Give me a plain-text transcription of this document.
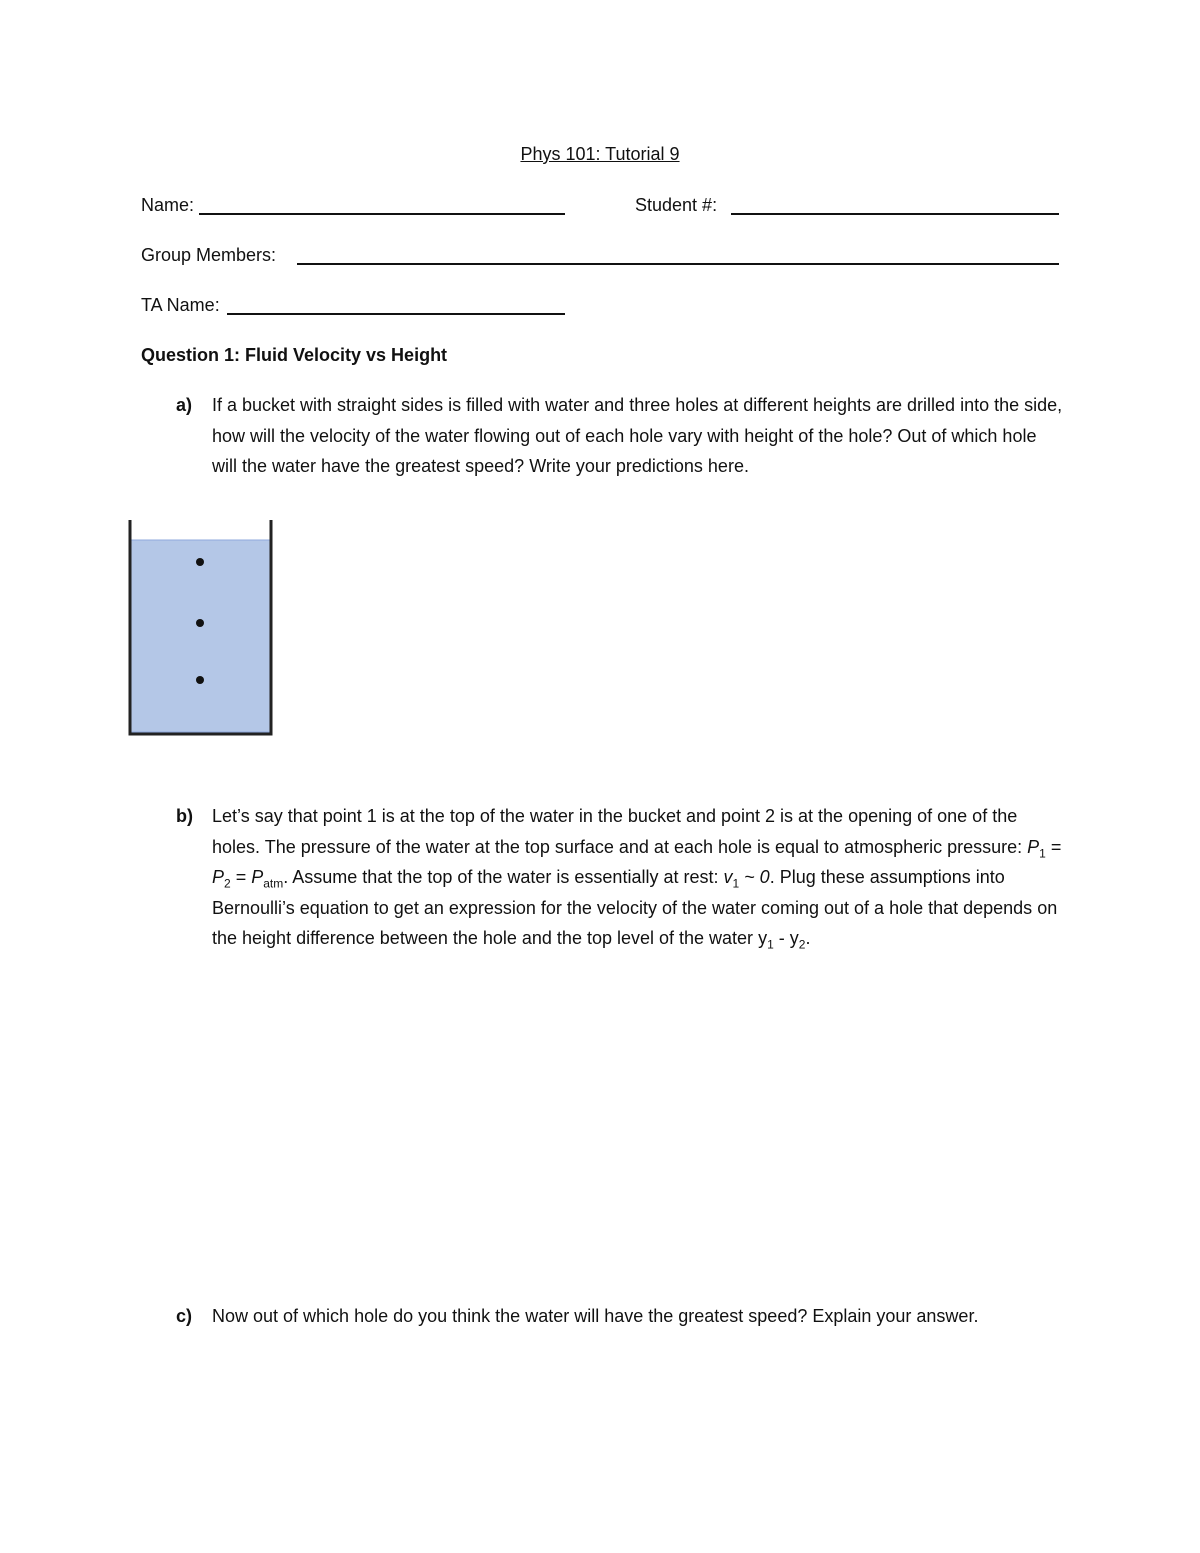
Phys 101: Tutorial 9
Name:	Student #:
Group Members:
TA Name:
Question 1: Fluid Velocity vs Height
a) If a bucket with straight sides is filled with water and three holes at different heights are drilled into the side, how will the velocity of the water flowing out of each hole vary with height of the hole? Out of which hole will the water have the greatest speed? Write your predictions here.
b) Let’s say that point 1 is at the top of the water in the bucket and point 2 is at the opening of one of the holes. The pressure of the water at the top surface and at each hole is equal to atmospheric pressure: $P_1 = P_2 = P_{atm}$. Assume that the top of the water is essentially at rest: $v_1$ ~ 0. Plug these assumptions into Bernoulli’s equation to get an expression for the velocity of the water coming out of a hole that depends on the height difference between the hole and the top level of the water $y_1 - y_2$.
c) Now out of which hole do you think the water will have the greatest speed? Explain your answer.
